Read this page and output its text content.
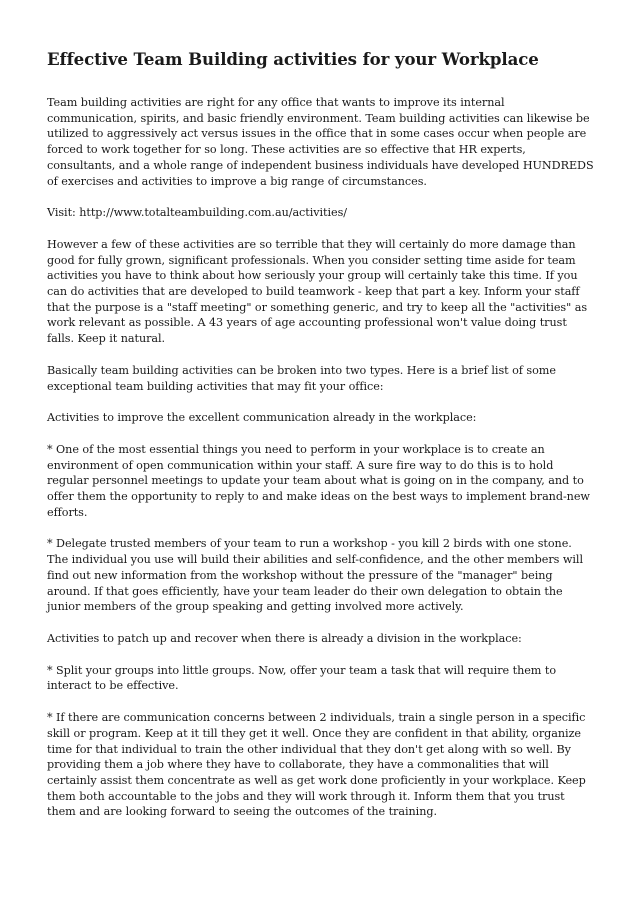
Effective Team Building activities for your Workplace

Team building activities are right for any office that wants to improve its internal communication, spirits, and basic friendly environment. Team building activities can likewise be utilized to aggressively act versus issues in the office that in some cases occur when people are forced to work together for so long. These activities are so effective that HR experts, consultants, and a whole range of independent business individuals have developed HUNDREDS of exercises and activities to improve a big range of circumstances.

Visit: http://www.totalteambuilding.com.au/activities/

However a few of these activities are so terrible that they will certainly do more damage than good for fully grown, significant professionals. When you consider setting time aside for team activities you have to think about how seriously your group will certainly take this time. If you can do activities that are developed to build teamwork - keep that part a key. Inform your staff that the purpose is a "staff meeting" or something generic, and try to keep all the "activities" as work relevant as possible. A 43 years of age accounting professional won't value doing trust falls. Keep it natural.

Basically team building activities can be broken into two types. Here is a brief list of some exceptional team building activities that may fit your office:

Activities to improve the excellent communication already in the workplace:

* One of the most essential things you need to perform in your workplace is to create an environment of open communication within your staff. A sure fire way to do this is to hold regular personnel meetings to update your team about what is going on in the company, and to offer them the opportunity to reply to and make ideas on the best ways to implement brand-new efforts.

* Delegate trusted members of your team to run a workshop - you kill 2 birds with one stone. The individual you use will build their abilities and self-confidence, and the other members will find out new information from the workshop without the pressure of the "manager" being around. If that goes efficiently, have your team leader do their own delegation to obtain the junior members of the group speaking and getting involved more actively.

Activities to patch up and recover when there is already a division in the workplace:

* Split your groups into little groups. Now, offer your team a task that will require them to interact to be effective.

* If there are communication concerns between 2 individuals, train a single person in a specific skill or program. Keep at it till they get it well. Once they are confident in that ability, organize time for that individual to train the other individual that they don't get along with so well. By providing them a job where they have to collaborate, they have a commonalities that will certainly assist them concentrate as well as get work done proficiently in your workplace. Keep them both accountable to the jobs and they will work through it. Inform them that you trust them and are looking forward to seeing the outcomes of the training.
